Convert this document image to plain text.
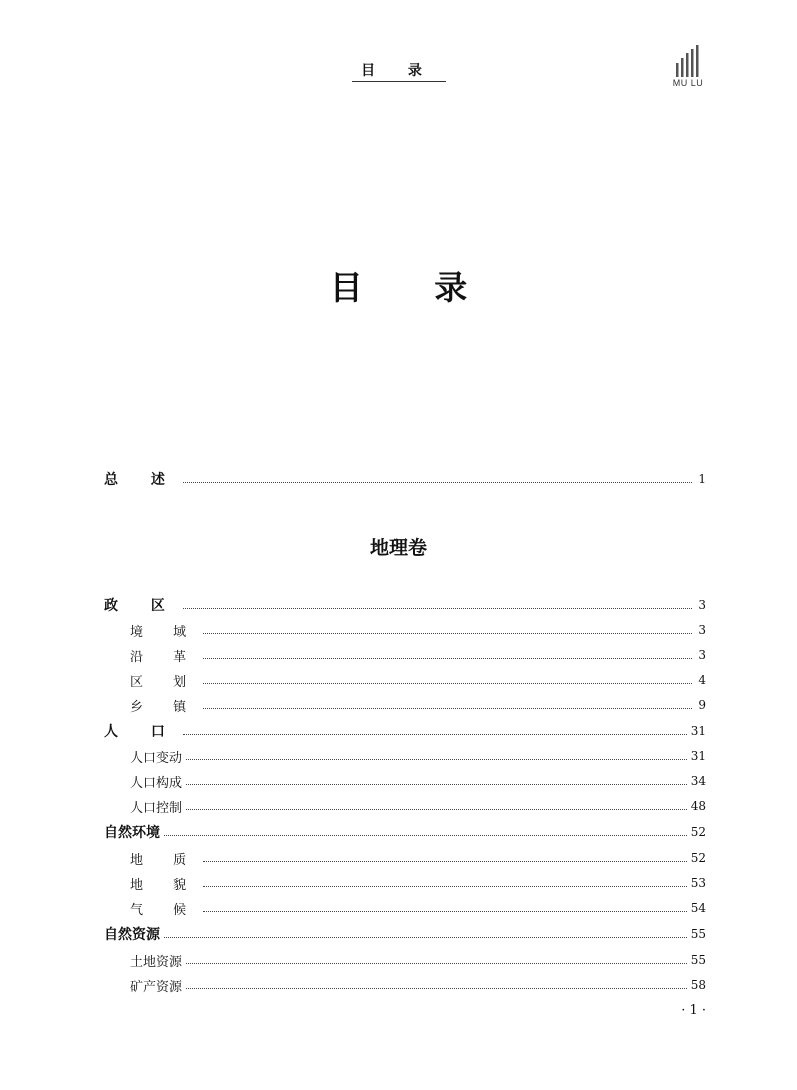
目 录
MU LU
目 录
总 述	1
地理卷
政 区	3
境 域	3
沿 革	3
区 划	4
乡 镇	9
人 口	31
人口变动	31
人口构成	34
人口控制	48
自然环境	52
地 质	52
地 貌	53
气 候	54
自然资源	55
土地资源	55
矿产资源	58
· 1 ·
